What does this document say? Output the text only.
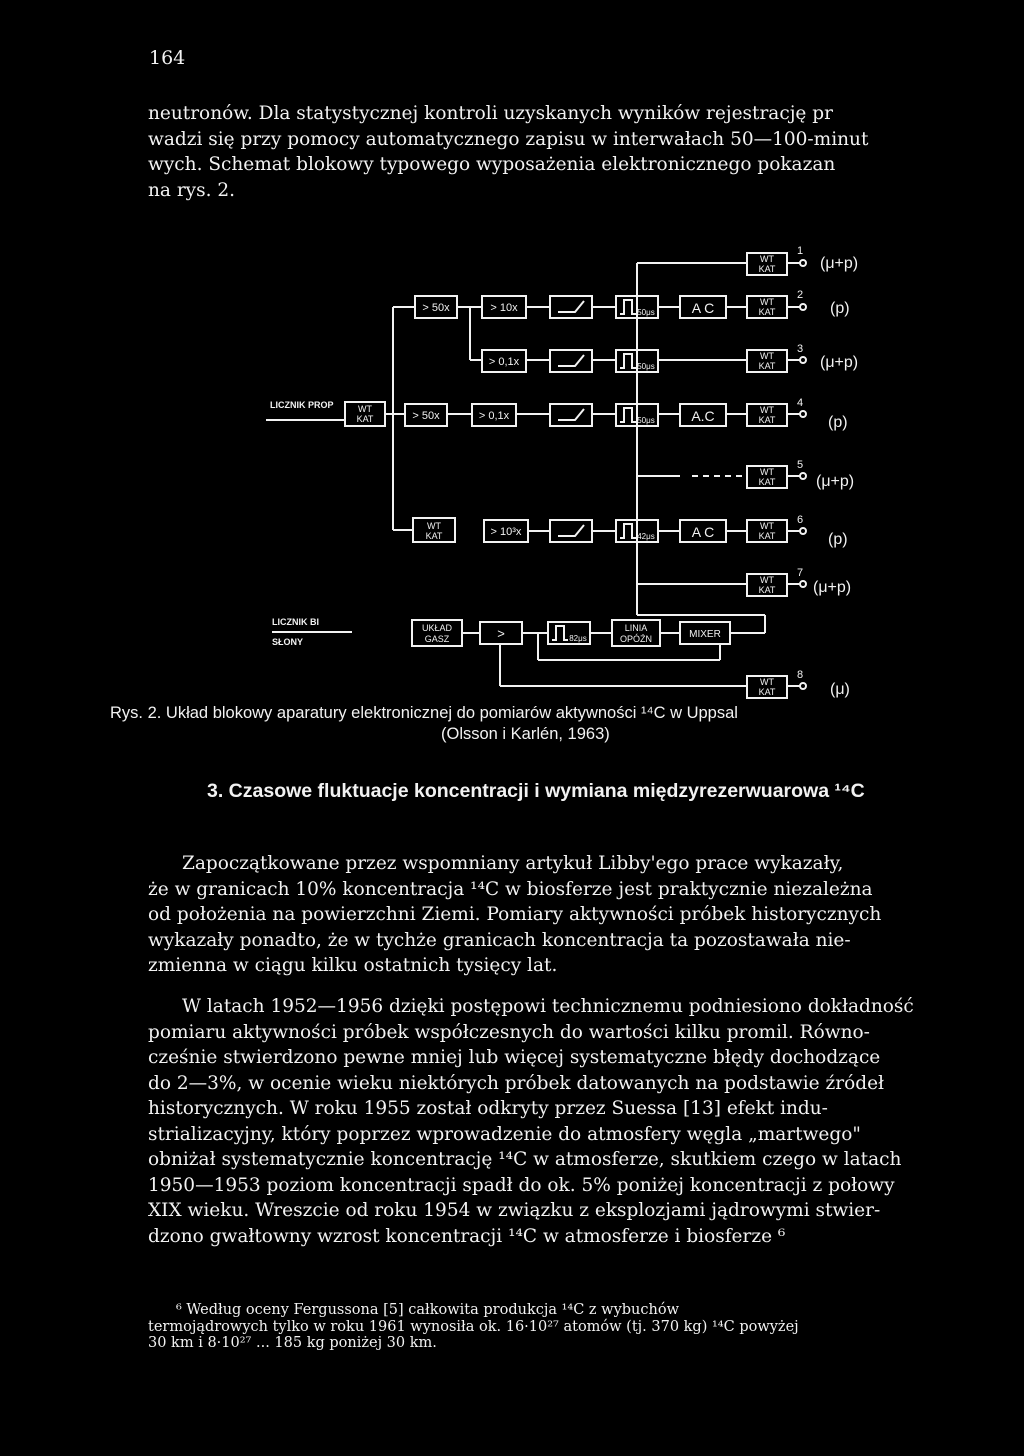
164
neutronów. Dla statystycznej kontroli uzyskanych wyników rejestrację pr
wadzi się przy pomocy automatycznego zapisu w interwałach 50—100-minut
wych. Schemat blokowy typowego wyposażenia elektronicznego pokazan
na rys. 2.
WT
KAT
1
(μ+p)
> 50x	> 10x	50μs	A C	WT
KAT
2
(p)
> 0,1x	50μs
WT
KAT
3
(μ+p)
LICZNIK PROP	WT
KAT	> 50x	> 0,1x	50μs	A.C	WT
KAT
4
(p)
WT
KAT
5
(μ+p)
WT
KAT	> 10³x	42μs	A C	WT
KAT
6
(p)
WT
KAT
7
(μ+p)
LICZNIK BI
SŁONY
UKŁAD
GASZ	>	82μs
LINIA
OPÓŹN	MIXER
WT
KAT
8
(μ)
Rys. 2. Układ blokowy aparatury elektronicznej do pomiarów aktywności ¹⁴C w Uppsal
(Olsson i Karlén, 1963)
3. Czasowe fluktuacje koncentracji i wymiana międzyrezerwuarowa ¹⁴C
Zapoczątkowane przez wspomniany artykuł Libby'ego prace wykazały,
że w granicach 10% koncentracja ¹⁴C w biosferze jest praktycznie niezależna
od położenia na powierzchni Ziemi. Pomiary aktywności próbek historycznych
wykazały ponadto, że w tychże granicach koncentracja ta pozostawała nie-
zmienna w ciągu kilku ostatnich tysięcy lat.
W latach 1952—1956 dzięki postępowi technicznemu podniesiono dokładność
pomiaru aktywności próbek współczesnych do wartości kilku promil. Równo-
cześnie stwierdzono pewne mniej lub więcej systematyczne błędy dochodzące
do 2—3%, w ocenie wieku niektórych próbek datowanych na podstawie źródeł
historycznych. W roku 1955 został odkryty przez Suessa [13] efekt indu-
strializacyjny, który poprzez wprowadzenie do atmosfery węgla „martwego"
obniżał systematycznie koncentrację ¹⁴C w atmosferze, skutkiem czego w latach
1950—1953 poziom koncentracji spadł do ok. 5% poniżej koncentracji z połowy
XIX wieku. Wreszcie od roku 1954 w związku z eksplozjami jądrowymi stwier-
dzono gwałtowny wzrost koncentracji ¹⁴C w atmosferze i biosferze ⁶
⁶ Według oceny Fergussona [5] całkowita produkcja ¹⁴C z wybuchów
termojądrowych tylko w roku 1961 wynosiła ok. 16·10²⁷ atomów (tj. 370 kg) ¹⁴C powyżej
30 km i 8·10²⁷ ... 185 kg poniżej 30 km.
